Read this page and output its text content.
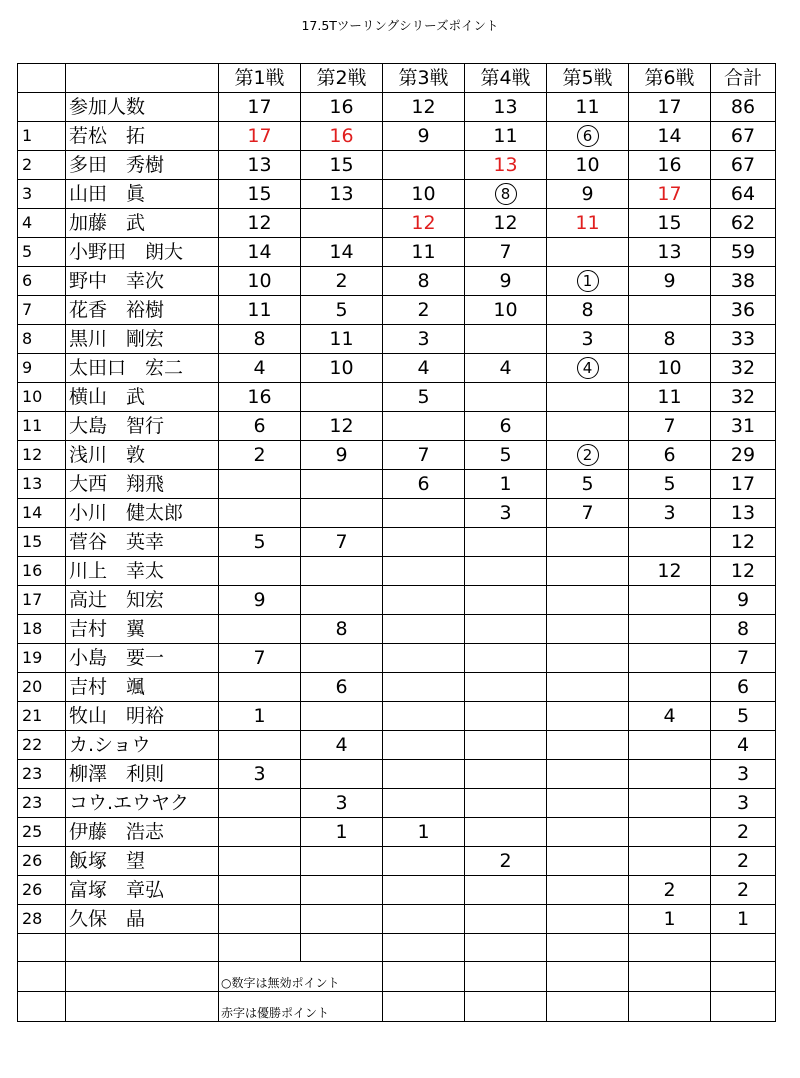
17.5Tツーリングシリーズポイント
		第1戦	第2戦	第3戦	第4戦	第5戦	第6戦	合計
	参加人数	17	16	12	13	11	17	86
1	若松　拓	17	16	9	11	6	14	67
2	多田　秀樹	13	15		13	10	16	67
3	山田　眞	15	13	10	8	9	17	64
4	加藤　武	12		12	12	11	15	62
5	小野田　朗大	14	14	11	7		13	59
6	野中　幸次	10	2	8	9	1	9	38
7	花香　裕樹	11	5	2	10	8		36
8	黒川　剛宏	8	11	3		3	8	33
9	太田口　宏二	4	10	4	4	4	10	32
10	横山　武	16		5			11	32
11	大島　智行	6	12		6		7	31
12	浅川　敦	2	9	7	5	2	6	29
13	大西　翔飛			6	1	5	5	17
14	小川　健太郎				3	7	3	13
15	菅谷　英幸	5	7					12
16	川上　幸太						12	12
17	高辻　知宏	9						9
18	吉村　翼		8					8
19	小島　要一	7						7
20	吉村　颯		6					6
21	牧山　明裕	1					4	5
22	カ.ショウ		4					4
23	柳澤　利則	3						3
23	コウ.エウヤク		3					3
25	伊藤　浩志		1	1				2
26	飯塚　望				2			2
26	富塚　章弘						2	2
28	久保　晶						1	1

		○数字は無効ポイント						
		赤字は優勝ポイント						
